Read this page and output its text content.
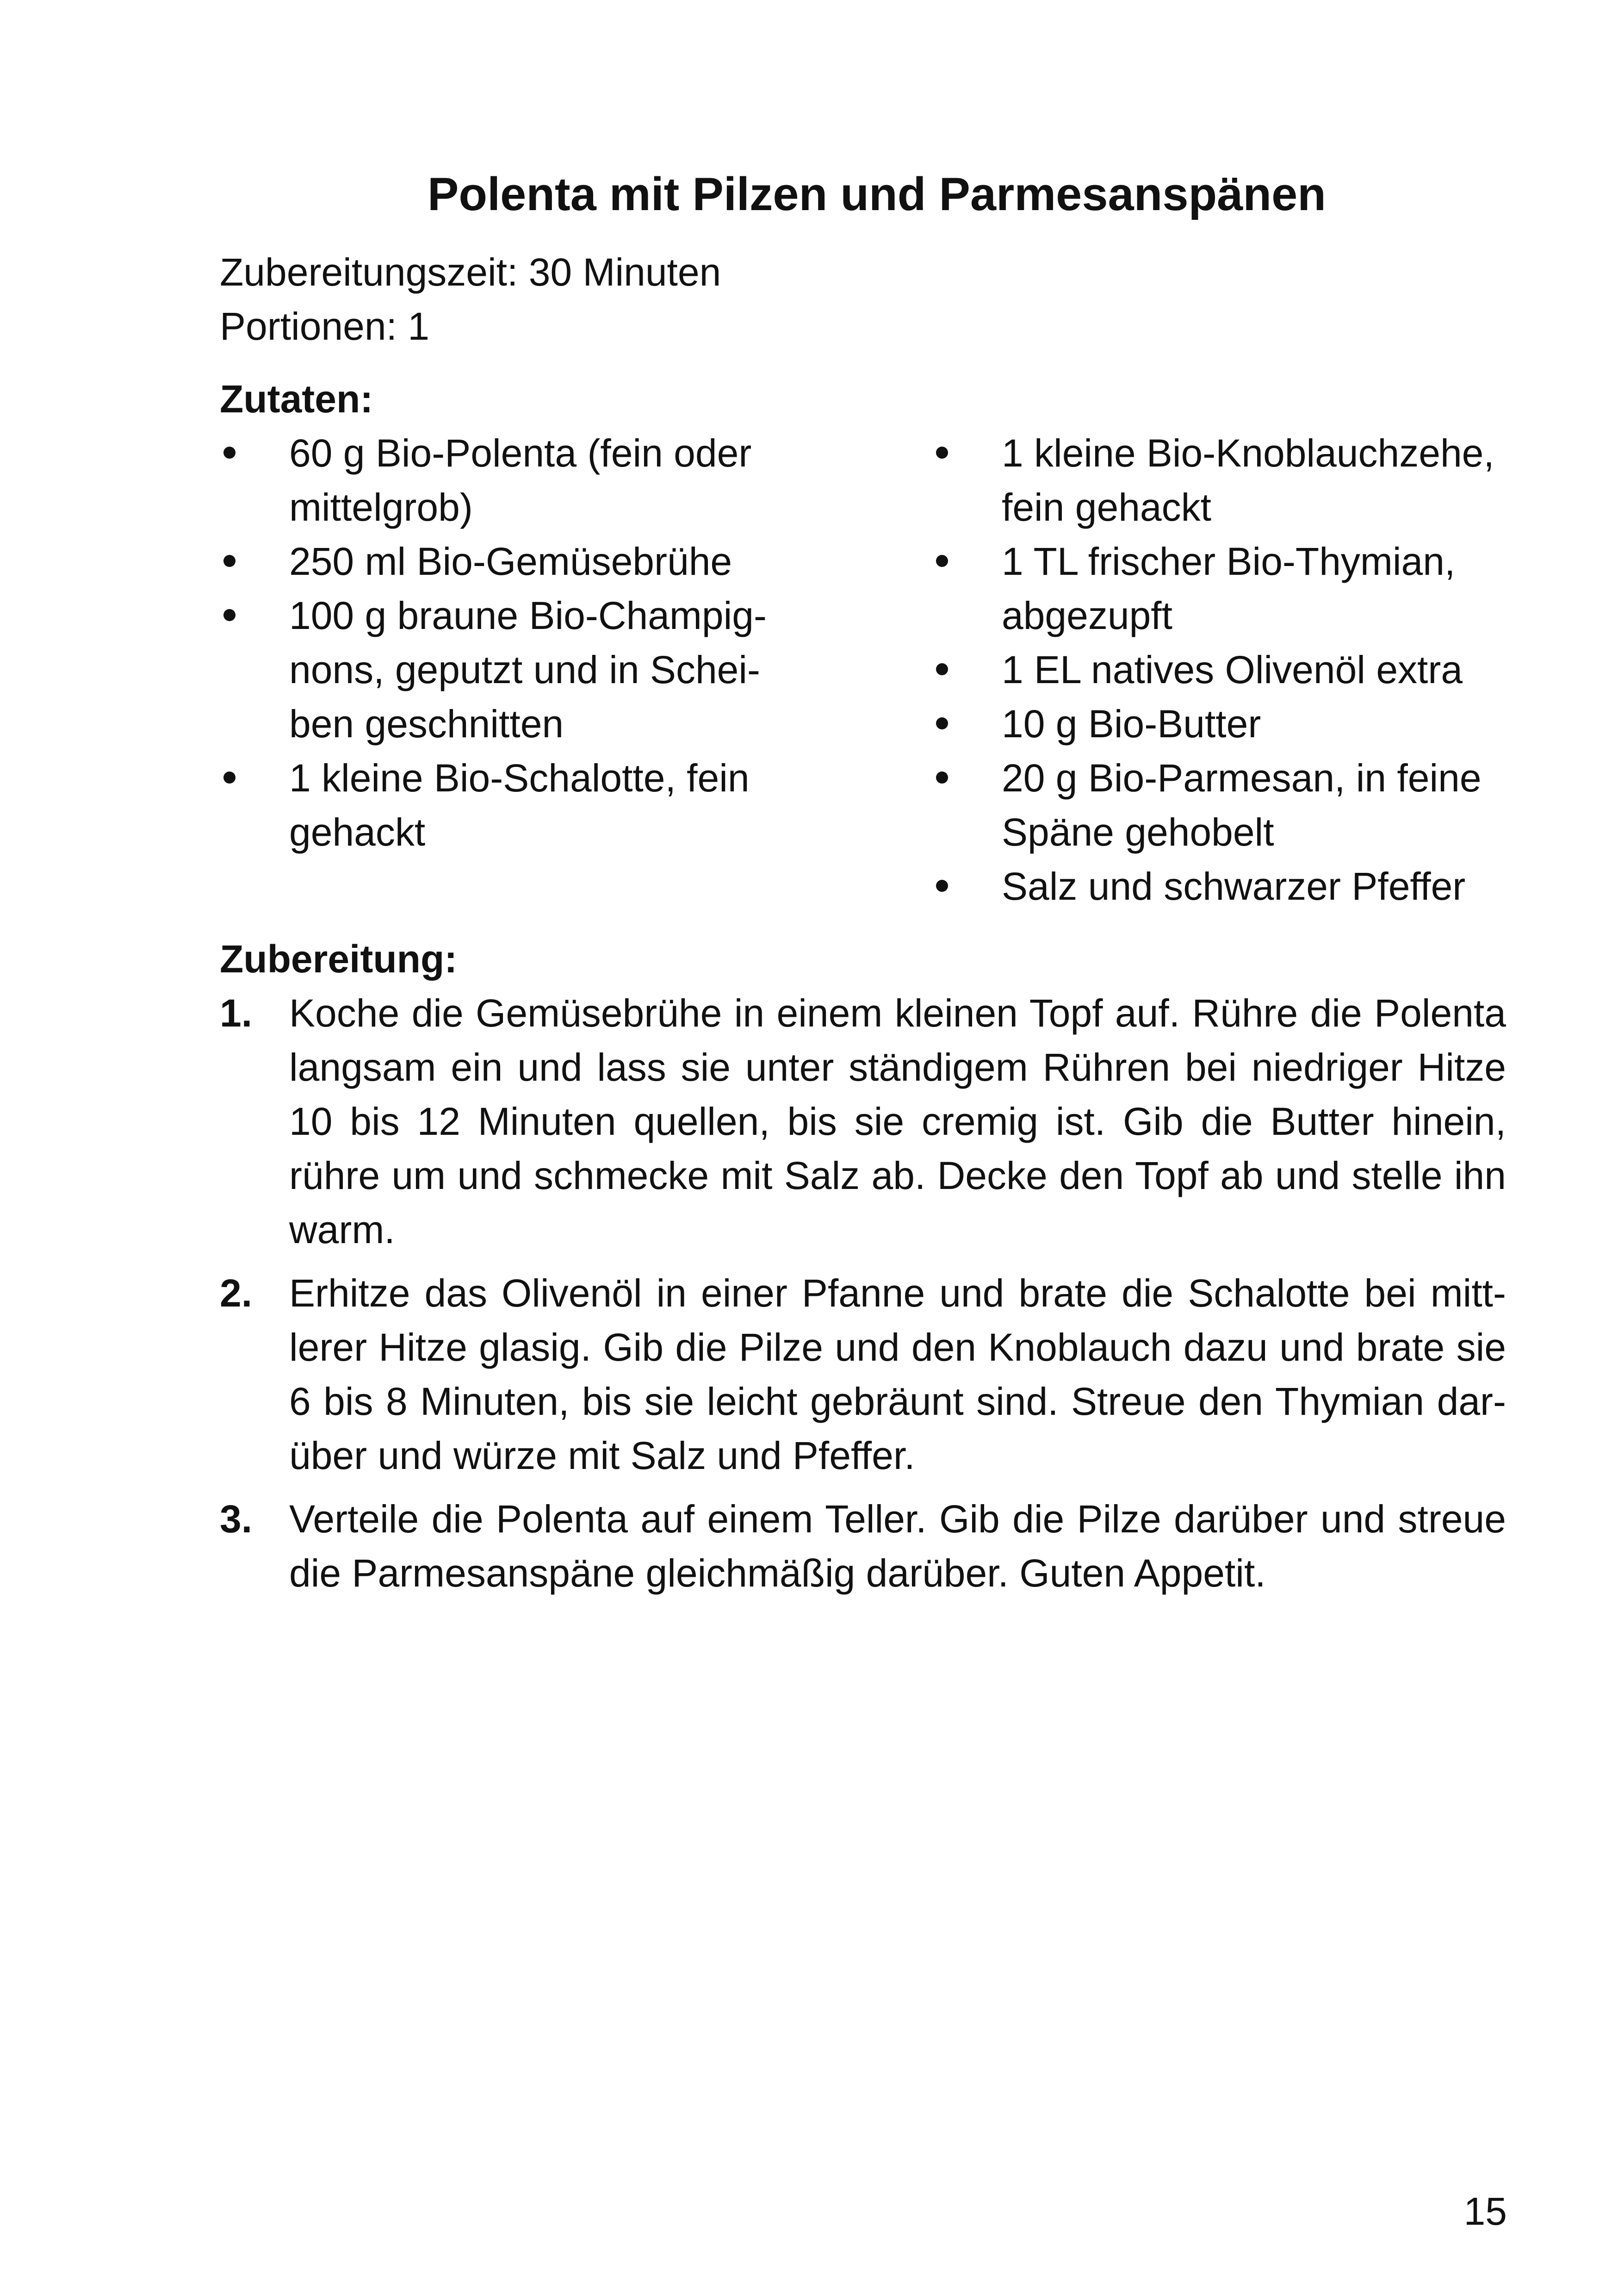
Polenta mit Pilzen und Parmesanspänen
Zubereitungszeit: 30 Minuten
Portionen: 1
Zutaten:
60 g Bio-Polenta (fein oder
mittelgrob)
250 ml Bio-Gemüsebrühe
100 g braune Bio-Champig-
nons, geputzt und in Schei-
ben geschnitten
1 kleine Bio-Schalotte, fein
gehackt
1 kleine Bio-Knoblauchzehe,
fein gehackt
1 TL frischer Bio-Thymian,
abgezupft
1 EL natives Olivenöl extra
10 g Bio-Butter
20 g Bio-Parmesan, in feine
Späne gehobelt
Salz und schwarzer Pfeffer
Zubereitung:
1. Koche die Gemüsebrühe in einem kleinen Topf auf. Rühre die Polenta langsam ein und lass sie unter ständigem Rühren bei niedriger Hitze 10 bis 12 Minuten quellen, bis sie cremig ist. Gib die Butter hinein, rühre um und schmecke mit Salz ab. Decke den Topf ab und stelle ihn warm.
2. Erhitze das Olivenöl in einer Pfanne und brate die Schalotte bei mittlerer Hitze glasig. Gib die Pilze und den Knoblauch dazu und brate sie 6 bis 8 Minuten, bis sie leicht gebräunt sind. Streue den Thymian darüber und würze mit Salz und Pfeffer.
3. Verteile die Polenta auf einem Teller. Gib die Pilze darüber und streue die Parmesanspäne gleichmäßig darüber. Guten Appetit.
15
